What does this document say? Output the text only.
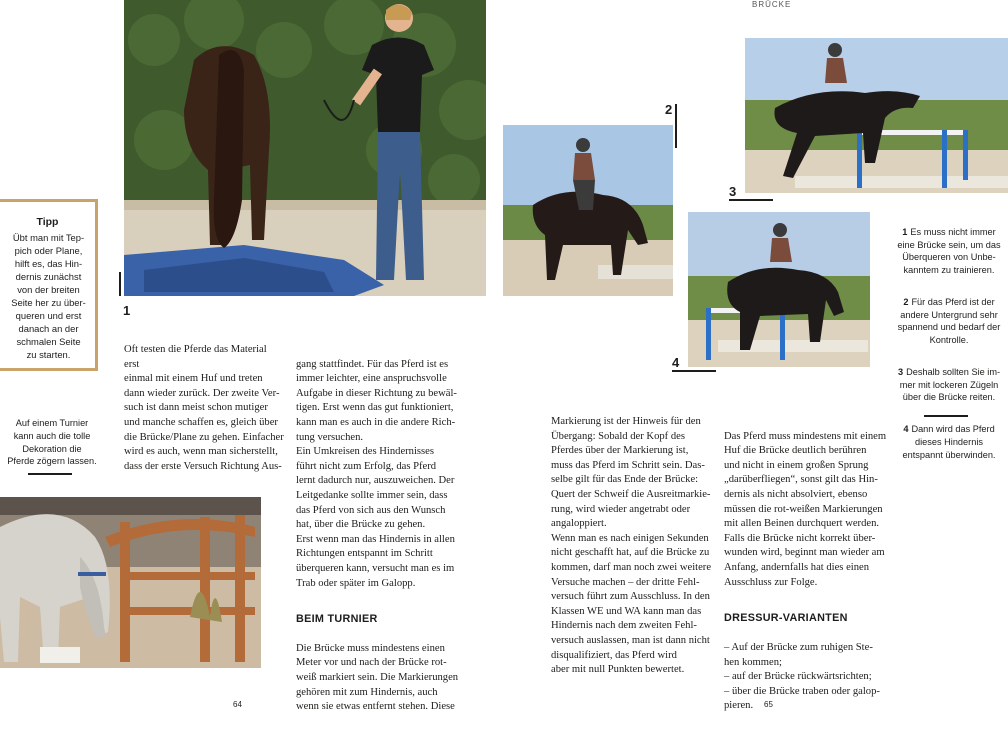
BRÜCKE
1
Tipp
Übt man mit Tep-
pich oder Plane,
hilft es, das Hin-
dernis zunächst
von der breiten
Seite her zu über-
queren und erst
danach an der
schmalen Seite
zu starten.
Auf einem Turnier
kann auch die tolle
Dekoration die
Pferde zögern lassen.
Oft testen die Pferde das Material erst
einmal mit einem Huf und treten
dann wieder zurück. Der zweite Ver-
such ist dann meist schon mutiger
und manche schaffen es, gleich über
die Brücke/Plane zu gehen. Einfacher
wird es auch, wenn man sicherstellt,
dass der erste Versuch Richtung Aus-

gang stattfindet. Für das Pferd ist es
immer leichter, eine anspruchsvolle
Aufgabe in dieser Richtung zu bewäl-
tigen. Erst wenn das gut funktioniert,
kann man es auch in die andere Rich-
tung versuchen.
Ein Umkreisen des Hindernisses
führt nicht zum Erfolg, das Pferd
lernt dadurch nur, auszuweichen. Der
Leitgedanke sollte immer sein, dass
das Pferd von sich aus den Wunsch
hat, über die Brücke zu gehen.
Erst wenn man das Hindernis in allen
Richtungen entspannt im Schritt
überqueren kann, versucht man es im
Trab oder später im Galopp.

BEIM TURNIER

Die Brücke muss mindestens einen
Meter vor und nach der Brücke rot-
weiß markiert sein. Die Markierungen
gehören mit zum Hindernis, auch
wenn sie etwas entfernt stehen. Diese

64
2
3
4

1 Es muss nicht immer
eine Brücke sein, um das
Überqueren von Unbe-
kanntem zu trainieren.

2 Für das Pferd ist der
andere Untergrund sehr
spannend und bedarf der
Kontrolle.

3 Deshalb sollten Sie im-
mer mit lockeren Zügeln
über die Brücke reiten.

4 Dann wird das Pferd
dieses Hindernis
entspannt überwinden.

Markierung ist der Hinweis für den
Übergang: Sobald der Kopf des
Pferdes über der Markierung ist,
muss das Pferd im Schritt sein. Das-
selbe gilt für das Ende der Brücke:
Quert der Schweif die Ausreitmarkie-
rung, wird wieder angetrabt oder
angaloppiert.
Wenn man es nach einigen Sekunden
nicht geschafft hat, auf die Brücke zu
kommen, darf man noch zwei weitere
Versuche machen – der dritte Fehl-
versuch führt zum Ausschluss. In den
Klassen WE und WA kann man das
Hindernis nach dem zweiten Fehl-
versuch auslassen, man ist dann nicht
disqualifiziert, das Pferd wird
aber mit null Punkten bewertet.

Das Pferd muss mindestens mit einem
Huf die Brücke deutlich berühren
und nicht in einem großen Sprung
„darüberfliegen“, sonst gilt das Hin-
dernis als nicht absolviert, ebenso
müssen die rot-weißen Markierungen
mit allen Beinen durchquert werden.
Falls die Brücke nicht korrekt über-
wunden wird, beginnt man wieder am
Anfang, andernfalls hat dies einen
Ausschluss zur Folge.

DRESSUR-VARIANTEN

– Auf der Brücke zum ruhigen Ste-
hen kommen;
– auf der Brücke rückwärtsrichten;
– über die Brücke traben oder galop-
pieren.	65
